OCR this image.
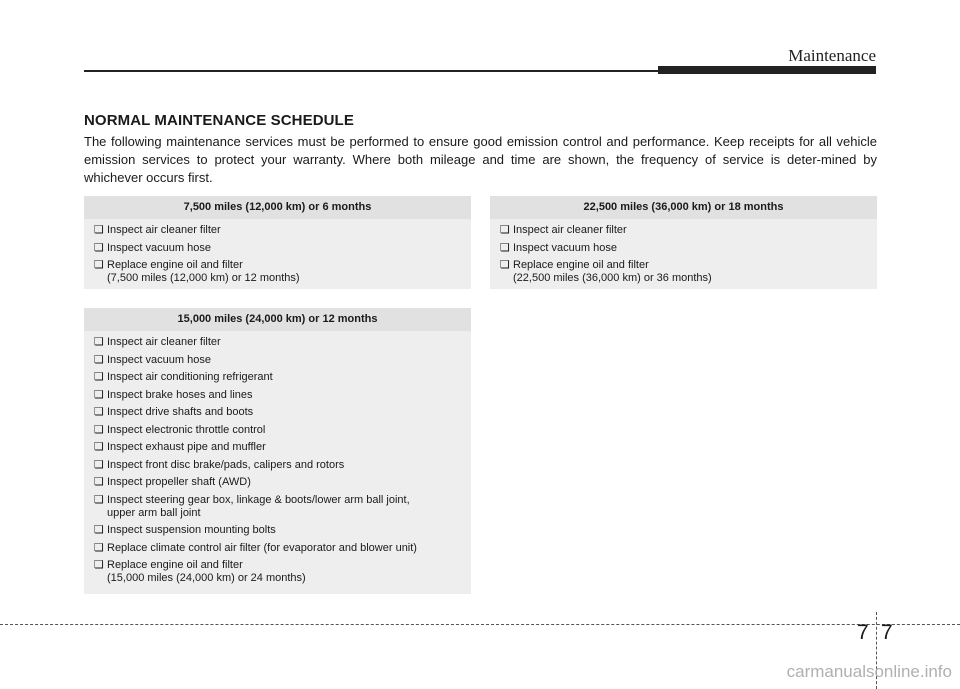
Maintenance
NORMAL MAINTENANCE SCHEDULE
The following maintenance services must be performed to ensure good emission control and performance. Keep receipts for all vehicle emission services to protect your warranty. Where both mileage and time are shown, the frequency of service is deter-mined by whichever occurs first.
7,500 miles (12,000 km) or 6 months
❏ Inspect air cleaner filter
❏ Inspect vacuum hose
❏ Replace engine oil and filter
(7,500 miles (12,000 km) or 12 months)
22,500 miles (36,000 km) or 18 months
❏ Inspect air cleaner filter
❏ Inspect vacuum hose
❏ Replace engine oil and filter
(22,500 miles (36,000 km) or 36 months)
15,000 miles (24,000 km) or 12 months
❏ Inspect air cleaner filter
❏ Inspect vacuum hose
❏ Inspect air conditioning refrigerant
❏ Inspect brake hoses and lines
❏ Inspect drive shafts and boots
❏ Inspect electronic throttle control
❏ Inspect exhaust pipe and muffler
❏ Inspect front disc brake/pads, calipers and rotors
❏ Inspect propeller shaft (AWD)
❏ Inspect steering gear box, linkage & boots/lower arm ball joint,
upper arm ball joint
❏ Inspect suspension mounting bolts
❏ Replace climate control air filter (for evaporator and blower unit)
❏ Replace engine oil and filter
(15,000 miles (24,000 km) or 24 months)
7 7
carmanualsonline.info
